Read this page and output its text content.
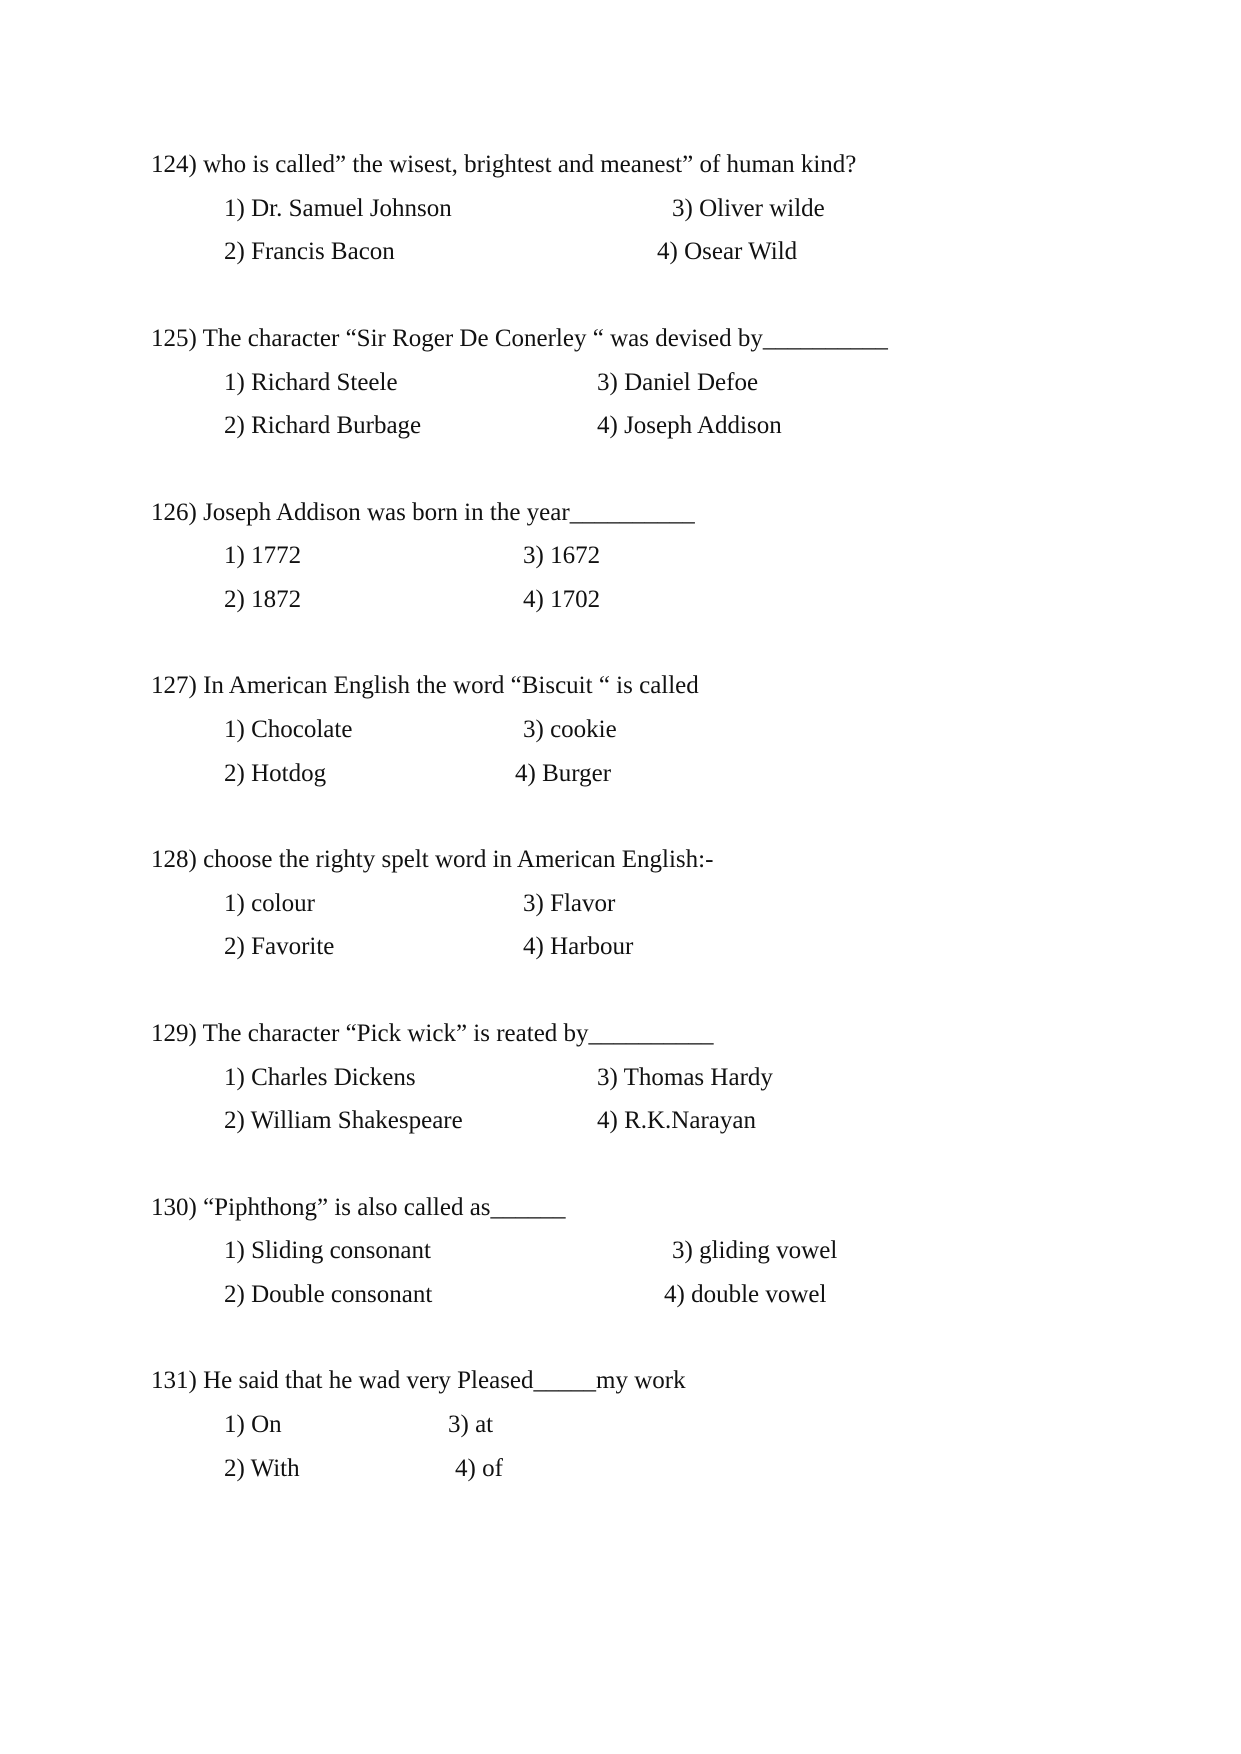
124) who is called” the wisest, brightest and meanest” of human kind?
1) Dr. Samuel Johnson
2) Francis Bacon
3) Oliver wilde
4) Osear Wild
125) The character “Sir Roger De Conerley “ was devised by__________
1) Richard Steele
2) Richard Burbage
3) Daniel Defoe
4) Joseph Addison
126) Joseph Addison was born in the year__________
1) 1772
2) 1872
3) 1672
4) 1702
127) In American English the word “Biscuit “ is called
1) Chocolate
2) Hotdog
3) cookie
4) Burger
128) choose the righty spelt word in American English:-
1) colour
2) Favorite
3) Flavor
4) Harbour
129) The character “Pick wick” is reated by__________
1) Charles Dickens
2) William Shakespeare
3) Thomas Hardy
4) R.K.Narayan
130) “Piphthong” is also called as______
1) Sliding consonant
2) Double consonant
3) gliding vowel
4) double vowel
131) He said that he wad very Pleased_____my work
1) On
2) With
3) at
4) of
